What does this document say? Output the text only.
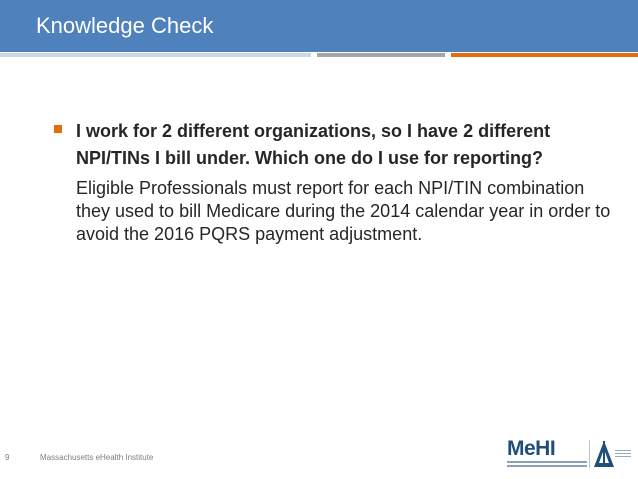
Knowledge Check
I work for 2 different organizations, so I have 2 different NPI/TINs I bill under. Which one do I use for reporting?
Eligible Professionals must report for each NPI/TIN combination they used to bill Medicare during the 2014 calendar year in order to avoid the 2016 PQRS payment adjustment.
9	Massachusetts eHealth Institute	MeHI
